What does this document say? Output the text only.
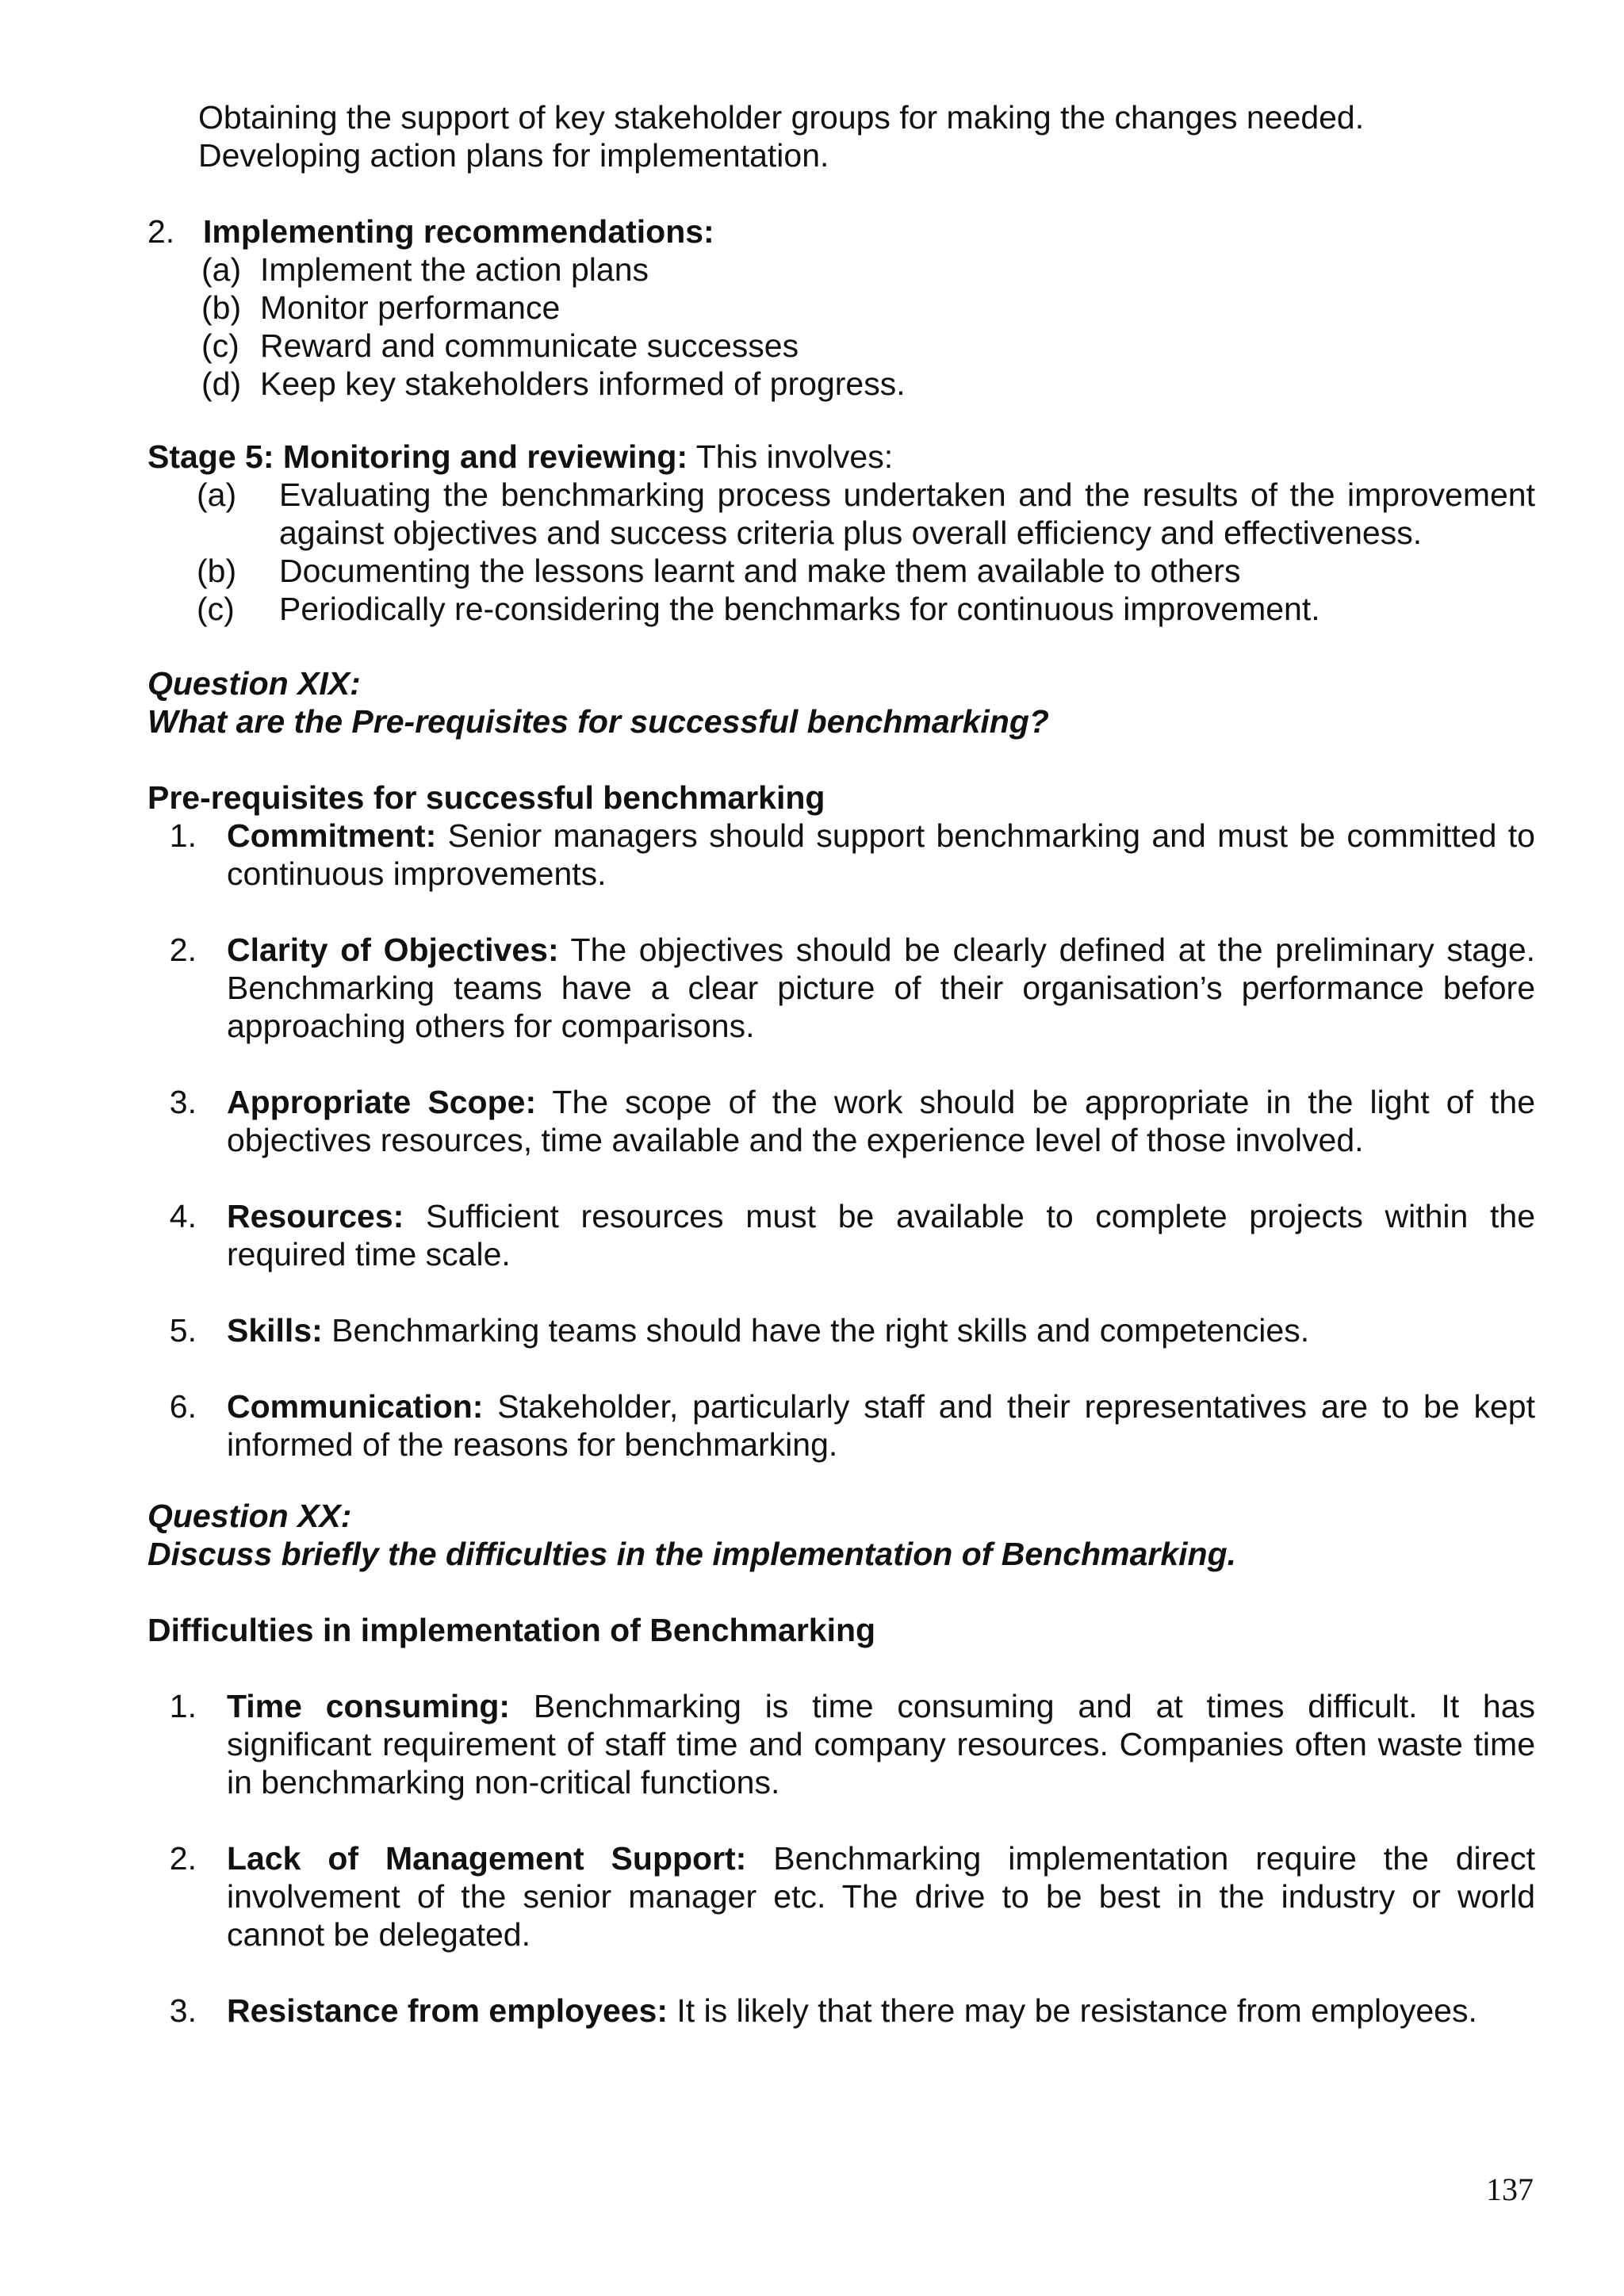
Obtaining the support of key stakeholder groups for making the changes needed.
Developing action plans for implementation.
2. Implementing recommendations:
(a) Implement the action plans
(b) Monitor performance
(c) Reward and communicate successes
(d) Keep key stakeholders informed of progress.
Stage 5: Monitoring and reviewing: This involves:
(a) Evaluating the benchmarking process undertaken and the results of the improvement
against objectives and success criteria plus overall efficiency and effectiveness.
(b) Documenting the lessons learnt and make them available to others
(c) Periodically re-considering the benchmarks for continuous improvement.
Question XIX:
What are the Pre-requisites for successful benchmarking?
Pre-requisites for successful benchmarking
1. Commitment: Senior managers should support benchmarking and must be committed to
continuous improvements.
2. Clarity of Objectives: The objectives should be clearly defined at the preliminary stage.
Benchmarking teams have a clear picture of their organisation’s performance before
approaching others for comparisons.
3. Appropriate Scope: The scope of the work should be appropriate in the light of the
objectives resources, time available and the experience level of those involved.
4. Resources: Sufficient resources must be available to complete projects within the
required time scale.
5. Skills: Benchmarking teams should have the right skills and competencies.
6. Communication: Stakeholder, particularly staff and their representatives are to be kept
informed of the reasons for benchmarking.
Question XX:
Discuss briefly the difficulties in the implementation of Benchmarking.
Difficulties in implementation of Benchmarking
1. Time consuming: Benchmarking is time consuming and at times difficult. It has
significant requirement of staff time and company resources. Companies often waste time
in benchmarking non-critical functions.
2. Lack of Management Support: Benchmarking implementation require the direct
involvement of the senior manager etc. The drive to be best in the industry or world
cannot be delegated.
3. Resistance from employees: It is likely that there may be resistance from employees.
137
